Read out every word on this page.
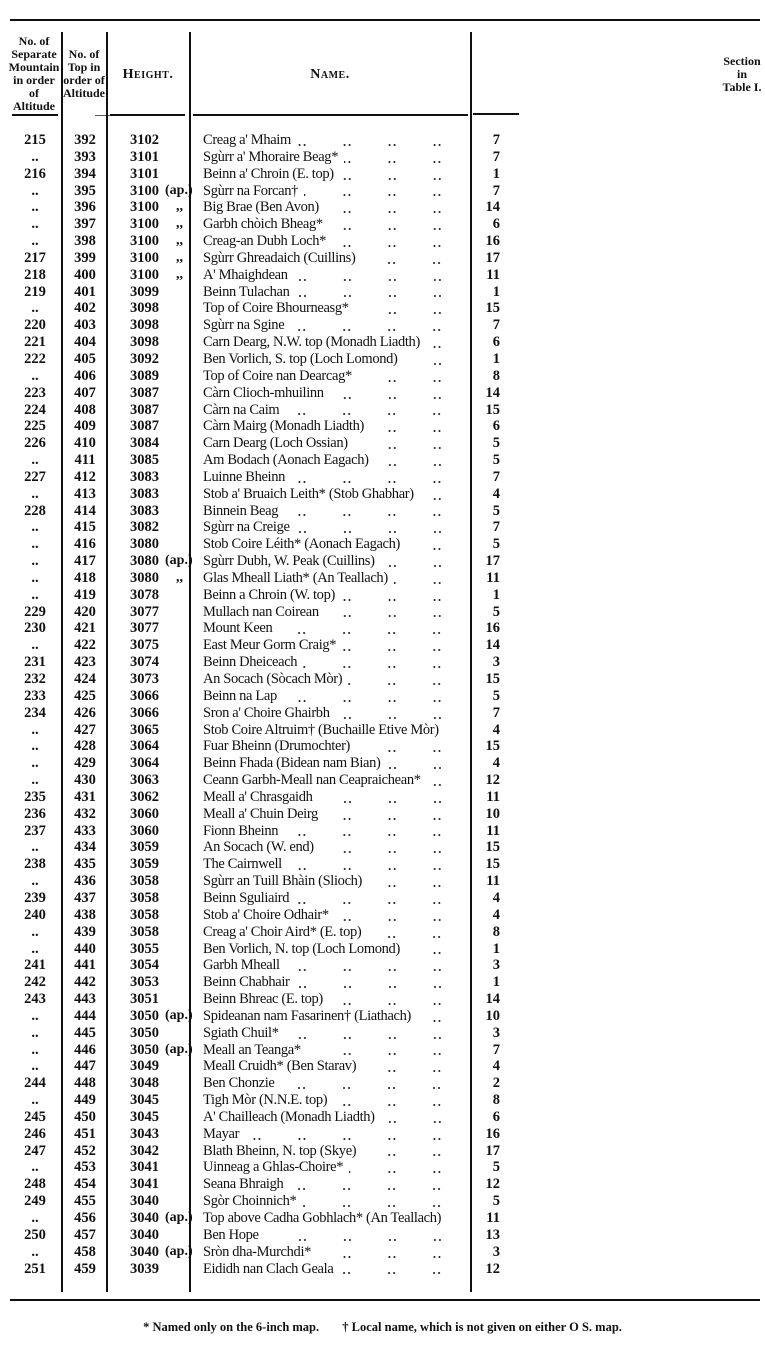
No. of Separate Mountain in order of Altitude
No. of Top in order of Altitude
Height.	Name.
Section in Table I.
215	392	3102	Creag a' Mhaim	7
..	393	3101	Sgùrr a' Mhoraire Beag*	7
216	394	3101	Beinn a' Chroin (E. top)	1
..	395	3100 (ap.) Sgùrr na Forcan†	7
..	396	3100 ,, Big Brae (Ben Avon)	14
..	397	3100 ,, Garbh chòich Bheag*	6
..	398	3100 ,, Creag-an Dubh Loch*	16
217	399	3100 ,, Sgùrr Ghreadaich (Cuillins)	17
218	400	3100 ,, A' Mhaighdean	11
219	401	3099	Beinn Tulachan	1
..	402	3098	Top of Coire Bhourneasg*	15
220	403	3098	Sgùrr na Sgine	7
221	404	3098	Carn Dearg, N.W. top (Monadh Liadth)	6
222	405	3092	Ben Vorlich, S. top (Loch Lomond)	1
..	406	3089	Top of Coire nan Dearcag*	8
223	407	3087	Càrn Clioch-mhuilinn	14
224	408	3087	Càrn na Caim	15
225	409	3087	Càrn Mairg (Monadh Liadth)	6
226	410	3084	Carn Dearg (Loch Ossian)	5
..	411	3085	Am Bodach (Aonach Eagach)	5
227	412	3083	Luinne Bheinn	7
..	413	3083	Stob a' Bruaich Leith* (Stob Ghabhar)	4
228	414	3083	Binnein Beag	5
..	415	3082	Sgùrr na Creige	7
..	416	3080	Stob Coire Léith* (Aonach Eagach)	5
..	417	3080 (ap.) Sgùrr Dubh, W. Peak (Cuillins)	17
..	418	3080 ,, Glas Mheall Liath* (An Teallach)	11
..	419	3078	Beinn a Chroin (W. top)	1
229	420	3077	Mullach nan Coirean	5
230	421	3077	Mount Keen	16
..	422	3075	East Meur Gorm Craig*	14
231	423	3074	Beinn Dheiceach	3
232	424	3073	An Socach (Sòcach Mòr)	15
233	425	3066	Beinn na Lap	5
234	426	3066	Sron a' Choire Ghairbh	7
..	427	3065	Stob Coire Altruim† (Buchaille Etive Mòr)	4
..	428	3064	Fuar Bheinn (Drumochter)	15
..	429	3064	Beinn Fhada (Bidean nam Bian)	4
..	430	3063	Ceann Garbh-Meall nan Ceapraichean*	12
235	431	3062	Meall a' Chrasgaidh	11
236	432	3060	Meall a' Chuin Deirg	10
237	433	3060	Fionn Bheinn	11
..	434	3059	An Socach (W. end)	15
238	435	3059	The Cairnwell	15
..	436	3058	Sgùrr an Tuill Bhàin (Slioch)	11
239	437	3058	Beinn Sguliaird	4
240	438	3058	Stob a' Choire Odhair*	4
..	439	3058	Creag a' Choir Aird* (E. top)	8
..	440	3055	Ben Vorlich, N. top (Loch Lomond)	1
241	441	3054	Garbh Mheall	3
242	442	3053	Beinn Chabhair	1
243	443	3051	Beinn Bhreac (E. top)	14
..	444	3050 (ap.) Spideanan nam Fasarinen† (Liathach)	10
..	445	3050	Sgiath Chuil*	3
..	446	3050 (ap.) Meall an Teanga*	7
..	447	3049	Meall Cruidh* (Ben Starav)	4
244	448	3048	Ben Chonzie	2
..	449	3045	Tigh Mòr (N.N.E. top)	8
245	450	3045	A' Chailleach (Monadh Liadth)	6
246	451	3043	Mayar	16
247	452	3042	Blath Bheinn, N. top (Skye)	17
..	453	3041	Uinneag a Ghlas-Choire*	5
248	454	3041	Seana Bhraigh	12
249	455	3040	Sgòr Choinnich*	5
..	456	3040 (ap.) Top above Cadha Gobhlach* (An Teallach)	11
250	457	3040	Ben Hope	13
..	458	3040 (ap.) Sròn dha-Murchdi*	3
251	459	3039	Eididh nan Clach Geala	12
* Named only on the 6-inch map. † Local name, which is not given on either O S. map.
